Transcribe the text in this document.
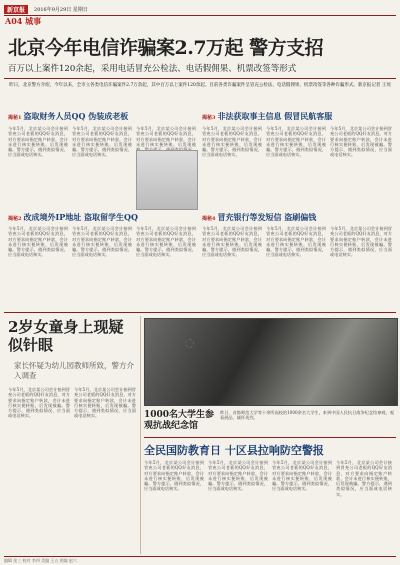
新京报	2016年9月29日 星期日
A04 城事
北京今年电信诈骗案2.7万起 警方支招
百万以上案件120余起，采用电话冒充公检法、电话假佣果、机票改签等形式
昨日，北京警方介绍，今年以来，全市立各类电信诈骗案件2.7万余起，其中百万以上案件120余起。目前各类诈骗案件呈冒充公检法、电话假佣果、机票改签等各种诈骗形式。新京报记者 王瑶
揭秘1 盗取财务人员QQ 伪装成老板	揭秘3 非法获取事主信息 假冒民航客服
揭秘2 改成境外IP地址 盗取留学生QQ	揭秘4 冒充银行等发短信 盗刷偏钱
今年5月，北京某公司会计接到冒充公司老板的QQ好友消息，对方要求向指定账户转款，会计未进行核实便转账，后发现被骗。警方提示，遇到类似情况，应当面或电话核实。
今年5月，北京某公司会计接到冒充公司老板的QQ好友消息，对方要求向指定账户转款，会计未进行核实便转账，后发现被骗。警方提示，遇到类似情况，应当面或电话核实。
今年5月，北京某公司会计接到冒充公司老板的QQ好友消息，对方要求向指定账户转款，会计未进行核实便转账，后发现被
今年5月，北京某公司会计接到冒充公司老板的QQ好友消息，对方要求向指定账户转款，会计未进行核实便转账，后发现被骗。警方提示，遇到类似情况，应当面或电话核实。
今年5月，北京某公司会计接到冒充公司老板的QQ好友消息，对方要求向指定账户转款，会计未进行核实便转账，后发现被骗。警方提示，遇到类似情况，应当面或电话核实。
今年5月，北京某公司会计接到冒充公司老板的QQ好友消息，对方要求向指定账户转款，会计未进行核实便转账，后发现被骗。警方提示，遇到类似情况，应当面或电话核实。
今年5月，北京某公司会计接到冒充公司老板的QQ好友消息，对方要求向指定账户转款，会计未进行核实便转账，后发现被骗。警方提示，遇到类似情况，应当面或电话核实。
今年5月，北京某公司会计接到冒充公司老板的QQ好友消息，对方要求向指定账户转款，会计未进行核实便转账，后发现被骗。警方提示，遇到类似情况，应当面或电话核实。
今年5月，北京某公司会计接到冒充公司老板的QQ好友消息，对方要求向指定账户转款，会计未进行核实便转账，后发现被骗。警方提示，遇到类似情况，应当面或电话核实。
今年5月，北京某公司会计接到冒充公司老板的QQ好友消息，对方要求向指定账户转款，会计未进行核实便转账，后发现被骗。警方提示，遇到类似情况，应当面或电话核实。
今年5月，北京某公司会计接到冒充公司老板的QQ好友消息，对方要求向指定账户转款，会计未进行核实便转账，后发现被骗。警方提示，遇到类似情况，应当面或电话核实。
今年5月，北京某公司会计接到冒充公司老板的QQ好友消息，对方要求向指定账户转款，会计未进行核实便转账，后发现被骗。警方提示，遇到类似情况，应当面或电话核实。
2岁女童身上现疑似针眼
家长怀疑为幼儿园教师所致，警方介入调查
今年5月，北京某公司会计接到冒充公司老板的QQ好友消息，对方要求向指定账户转款，会计未进行核实便转账，后发现被骗。警方提示，遇到类似情况，应当面或电话核实。
今年5月，北京某公司会计接到冒充公司老板的QQ好友消息，对方要求向指定账户转款，会计未进行核实便转账，后发现被骗。警方提示，遇到类似情况，应当面或电话核实。	1000名大学生参观抗战纪念馆
昨日，首都师范大学等十余所高校的1000余名大学生，来到中国人民抗日战争纪念馆参观，观看展品，缅怀英烈。
全民国防教育日 十区县拉响防空警报
今年5月，北京某公司会计接到冒充公司老板的QQ好友消息，对方要求向指定账户转款，会计未进行核实便转账，后发现被骗。警方提示，遇到类似情况，应当面或电话核实。
今年5月，北京某公司会计接到冒充公司老板的QQ好友消息，对方要求向指定账户转款，会计未进行核实便转账，后发现被骗。警方提示，遇到类似情况，应当面或电话核实。
今年5月，北京某公司会计接到冒充公司老板的QQ好友消息，对方要求向指定账户转款，会计未进行核实便转账，后发现被骗。警方提示，遇到类似情况，应当面或电话核实。
今年5月，北京某公司会计接到冒充公司老板的QQ好友消息，对方要求向指定账户转款，会计未进行核实便转账，后发现被骗。警方提示，遇到类似情况，应当面或电话核实。
编辑 张三 校对 李四 美编 王五 图编 赵六
